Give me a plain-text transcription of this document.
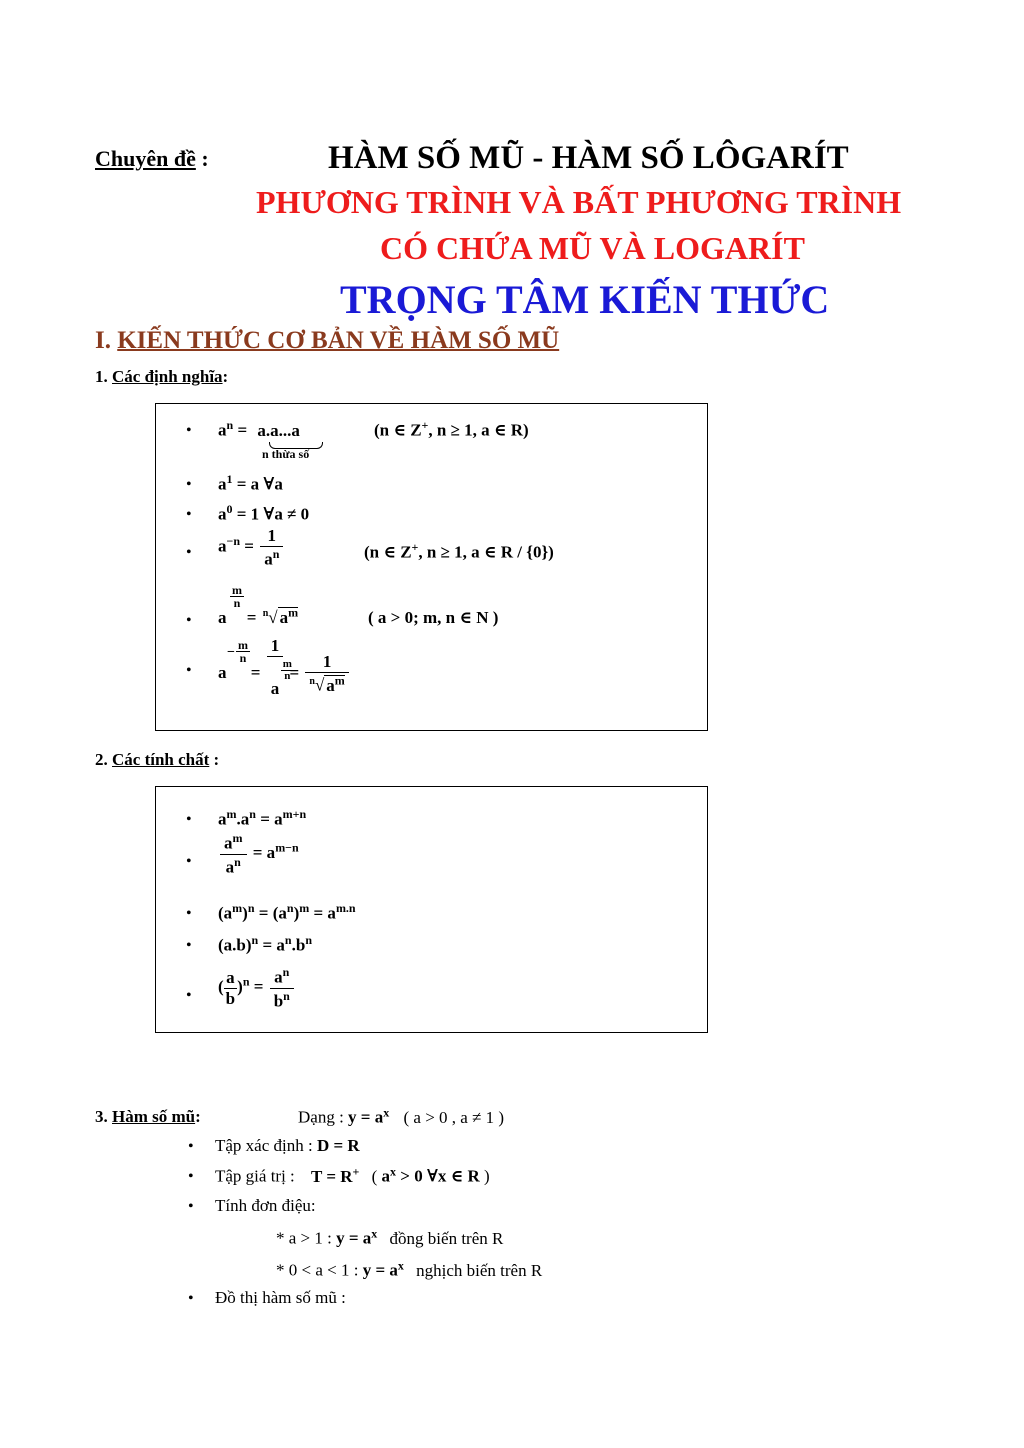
Chuyên đề :	HÀM SỐ MŨ - HÀM SỐ LÔGARÍT
PHƯƠNG TRÌNH VÀ BẤT PHƯƠNG TRÌNH
CÓ CHỨA MŨ VÀ LOGARÍT
TRỌNG TÂM KIẾN THỨC
I. KIẾN THỨC CƠ BẢN VỀ HÀM SỐ MŨ
1. Các định nghĩa:
• $a^n = a.a...a$
n thừa số
(n ∈ Z+, n ≥ 1, a ∈ R)
• $a^1 = a$ ∀a
• $a^0 = 1$ ∀a ≠ 0
• $a^{-n} = \frac{1}{a^n}$	(n ∈ Z+, n ≥ 1, a ∈ R / {0})
• a
$\frac{m}{n}$
= $^n$√ $a^m$	( a > 0; m, n ∈ N )
• a
− $\frac{m}{n}$
= 1
a
$\frac{m}{n} = \frac{1}{^n√ a^m}$
2. Các tính chất :
• $a^m.a^n = a^{m+n}$
• $\frac{a^m}{a^n} = a^{m-n}$
• $(a^m)^n = (a^n)^m = a^{m.n}$
• $(a.b)^n = a^n.b^n$
• ( $\frac{a}{b} )^n = \frac{a^n}{b^n}$
3. Hàm số mũ:	Dạng : $y = a^x$ ( a > 0 , a ≠ 1 )
• Tập xác định : D = R
• Tập giá trị : T = R+ ( $a^x > 0$ ∀x ∈ R )
• Tính đơn điệu:
* a > 1 : $y = a^x$ đồng biến trên R
* 0 < a < 1 : $y = a^x$ nghịch biến trên R
• Đồ thị hàm số mũ :
